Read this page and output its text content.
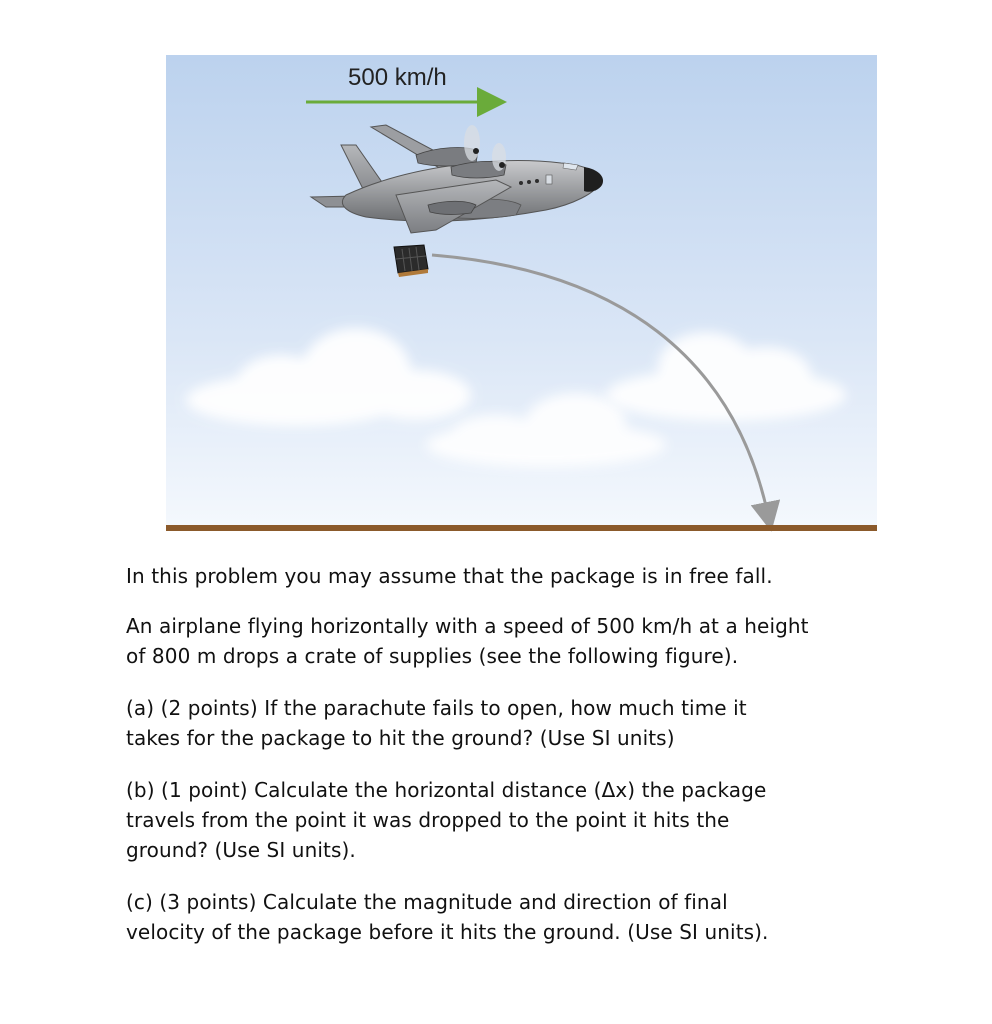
500 km/h

In this problem you may assume that the package is in free fall.

An airplane flying horizontally with a speed of 500 km/h at a height
of 800 m drops a crate of supplies (see the following figure).

(a) (2 points) If the parachute fails to open, how much time it
takes for the package to hit the ground? (Use SI units)

(b) (1 point) Calculate the horizontal distance (Δx) the package
travels from the point it was dropped to the point it hits the
ground? (Use SI units).

(c) (3 points) Calculate the magnitude and direction of final
velocity of the package before it hits the ground. (Use SI units).
